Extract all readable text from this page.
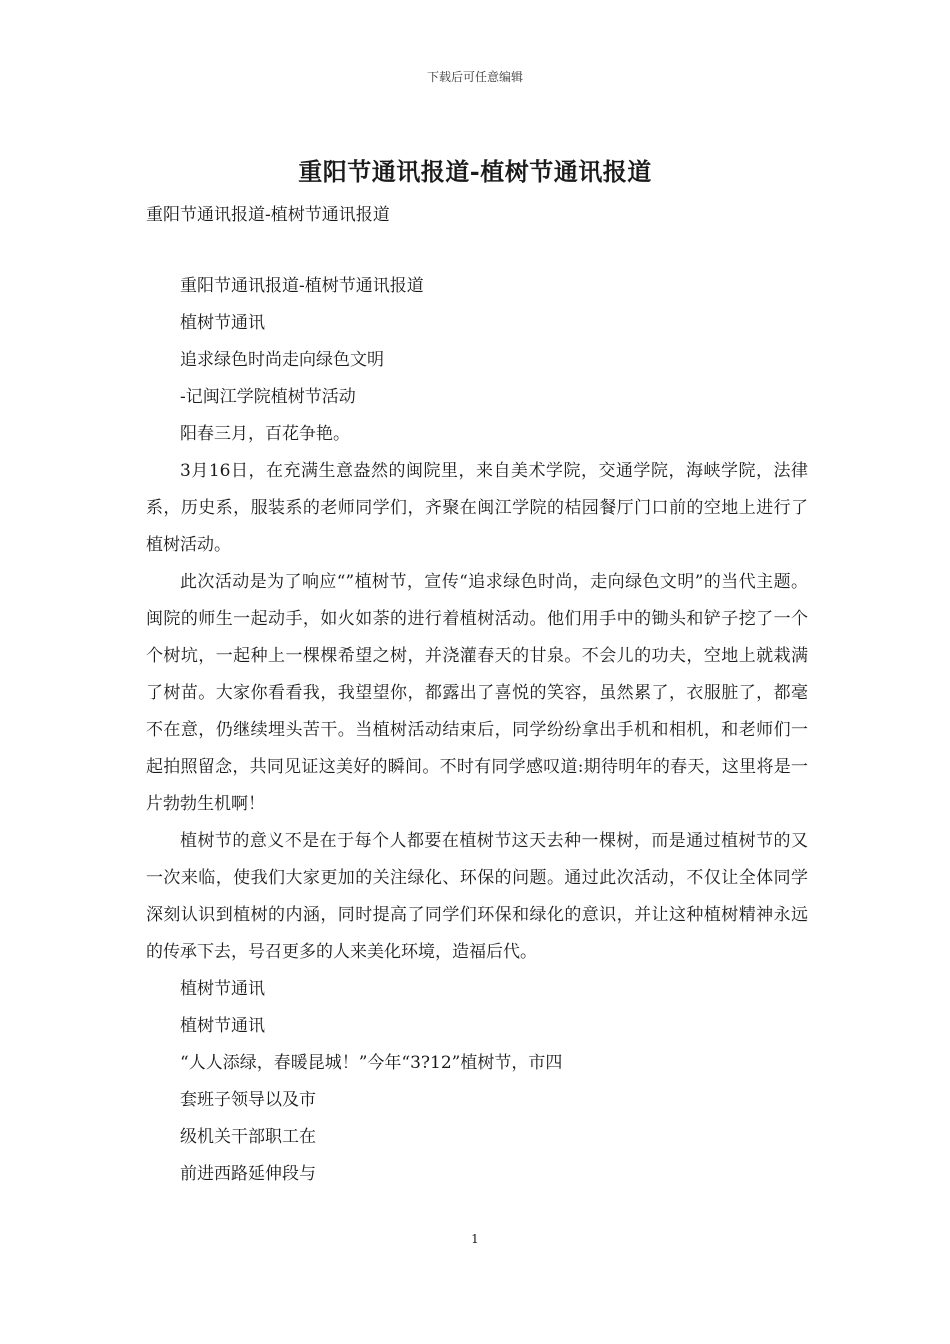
下载后可任意编辑
重阳节通讯报道-植树节通讯报道
重阳节通讯报道-植树节通讯报道

重阳节通讯报道-植树节通讯报道

植树节通讯

追求绿色时尚走向绿色文明

-记闽江学院植树节活动

阳春三月，百花争艳。

3月16日，在充满生意盎然的闽院里，来自美术学院，交通学院，海峡学院，法律系，历史系，服装系的老师同学们，齐聚在闽江学院的桔园餐厅门口前的空地上进行了植树活动。

此次活动是为了响应“”植树节，宣传“追求绿色时尚，走向绿色文明”的当代主题。闽院的师生一起动手，如火如荼的进行着植树活动。他们用手中的锄头和铲子挖了一个个树坑，一起种上一棵棵希望之树，并浇灌春天的甘泉。不会儿的功夫，空地上就栽满了树苗。大家你看看我，我望望你，都露出了喜悦的笑容，虽然累了，衣服脏了，都毫不在意，仍继续埋头苦干。当植树活动结束后，同学纷纷拿出手机和相机，和老师们一起拍照留念，共同见证这美好的瞬间。不时有同学感叹道:期待明年的春天，这里将是一片勃勃生机啊！

植树节的意义不是在于每个人都要在植树节这天去种一棵树，而是通过植树节的又一次来临，使我们大家更加的关注绿化、环保的问题。通过此次活动，不仅让全体同学深刻认识到植树的内涵，同时提高了同学们环保和绿化的意识，并让这种植树精神永远的传承下去，号召更多的人来美化环境，造福后代。

植树节通讯

植树节通讯

“人人添绿，春暖昆城！”今年“3?12”植树节，市四

套班子领导以及市

级机关干部职工在

前进西路延伸段与

1
